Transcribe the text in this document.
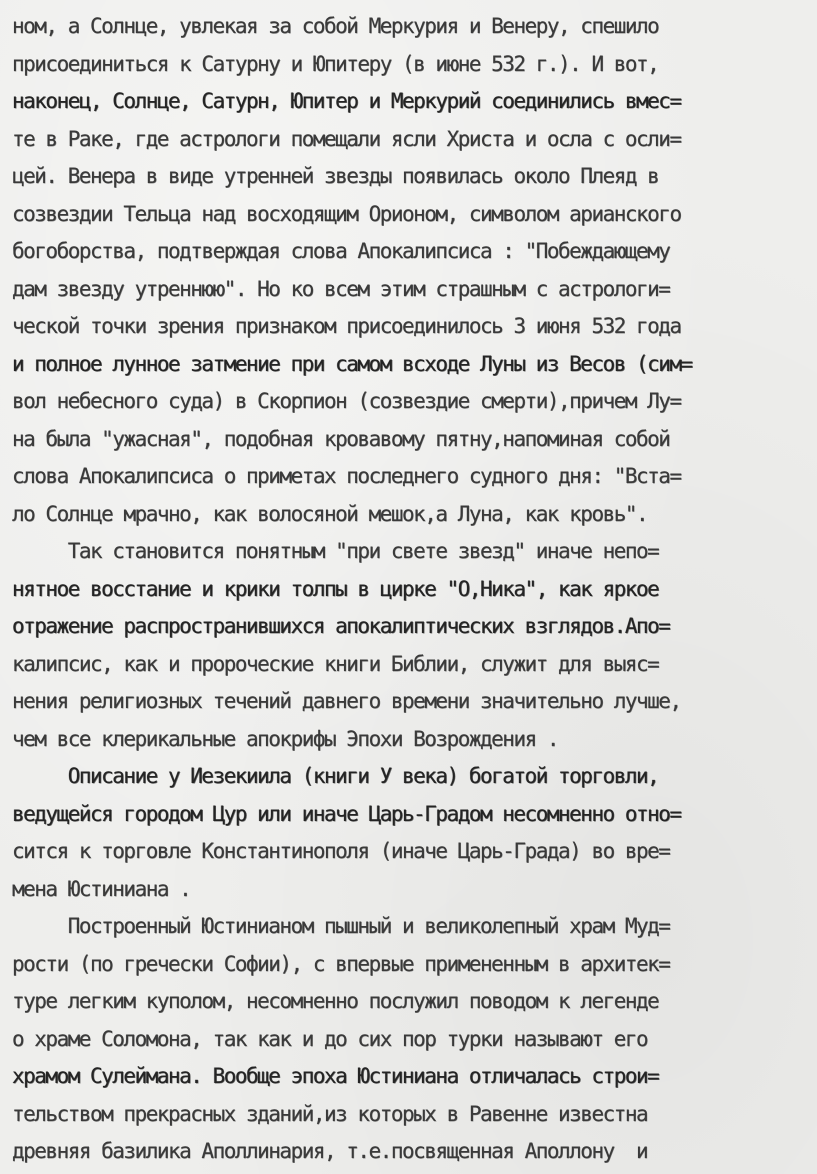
ном, а Солнце, увлекая за собой Меркурия и Венеру, спешило
присоединиться к Сатурну и Юпитеру (в июне 532 г.). И вот,
наконец, Солнце, Сатурн, Юпитер и Меркурий соединились вмес=
те в Раке, где астрологи помещали ясли Христа и осла с осли=
цей. Венера в виде утренней звезды появилась около Плеяд в
созвездии Тельца над восходящим Орионом, символом арианского
богоборства, подтверждая слова Апокалипсиса : "Побеждающему
дам звезду утреннюю". Но ко всем этим страшным с астрологи=
ческой точки зрения признаком присоединилось 3 июня 532 года
и полное лунное затмение при самом всходе Луны из Весов (сим=
вол небесного суда) в Скорпион (созвездие смерти),причем Лу=
на была "ужасная", подобная кровавому пятну,напоминая собой
слова Апокалипсиса о приметах последнего судного дня: "Вста=
ло Солнце мрачно, как волосяной мешок,а Луна, как кровь".
Так становится понятным "при свете звезд" иначе непо=
нятное восстание и крики толпы в цирке "О,Ника", как яркое
отражение распространившихся апокалиптических взглядов.Апо=
калипсис, как и пророческие книги Библии, служит для выяс=
нения религиозных течений давнего времени значительно лучше,
чем все клерикальные апокрифы Эпохи Возрождения .
Описание у Иезекиила (книги У века) богатой торговли,
ведущейся городом Цур или иначе Царь-Градом несомненно отно=
сится к торговле Константинополя (иначе Царь-Града) во вре=
мена Юстиниана .
Построенный Юстинианом пышный и великолепный храм Муд=
рости (по гречески Софии), с впервые примененным в архитек=
туре легким куполом, несомненно послужил поводом к легенде
о храме Соломона, так как и до сих пор турки называют его
храмом Сулеймана. Вообще эпоха Юстиниана отличалась строи=
тельством прекрасных зданий,из которых в Равенне известна
древняя базилика Аполлинария, т.е.посвященная Аполлону  и
